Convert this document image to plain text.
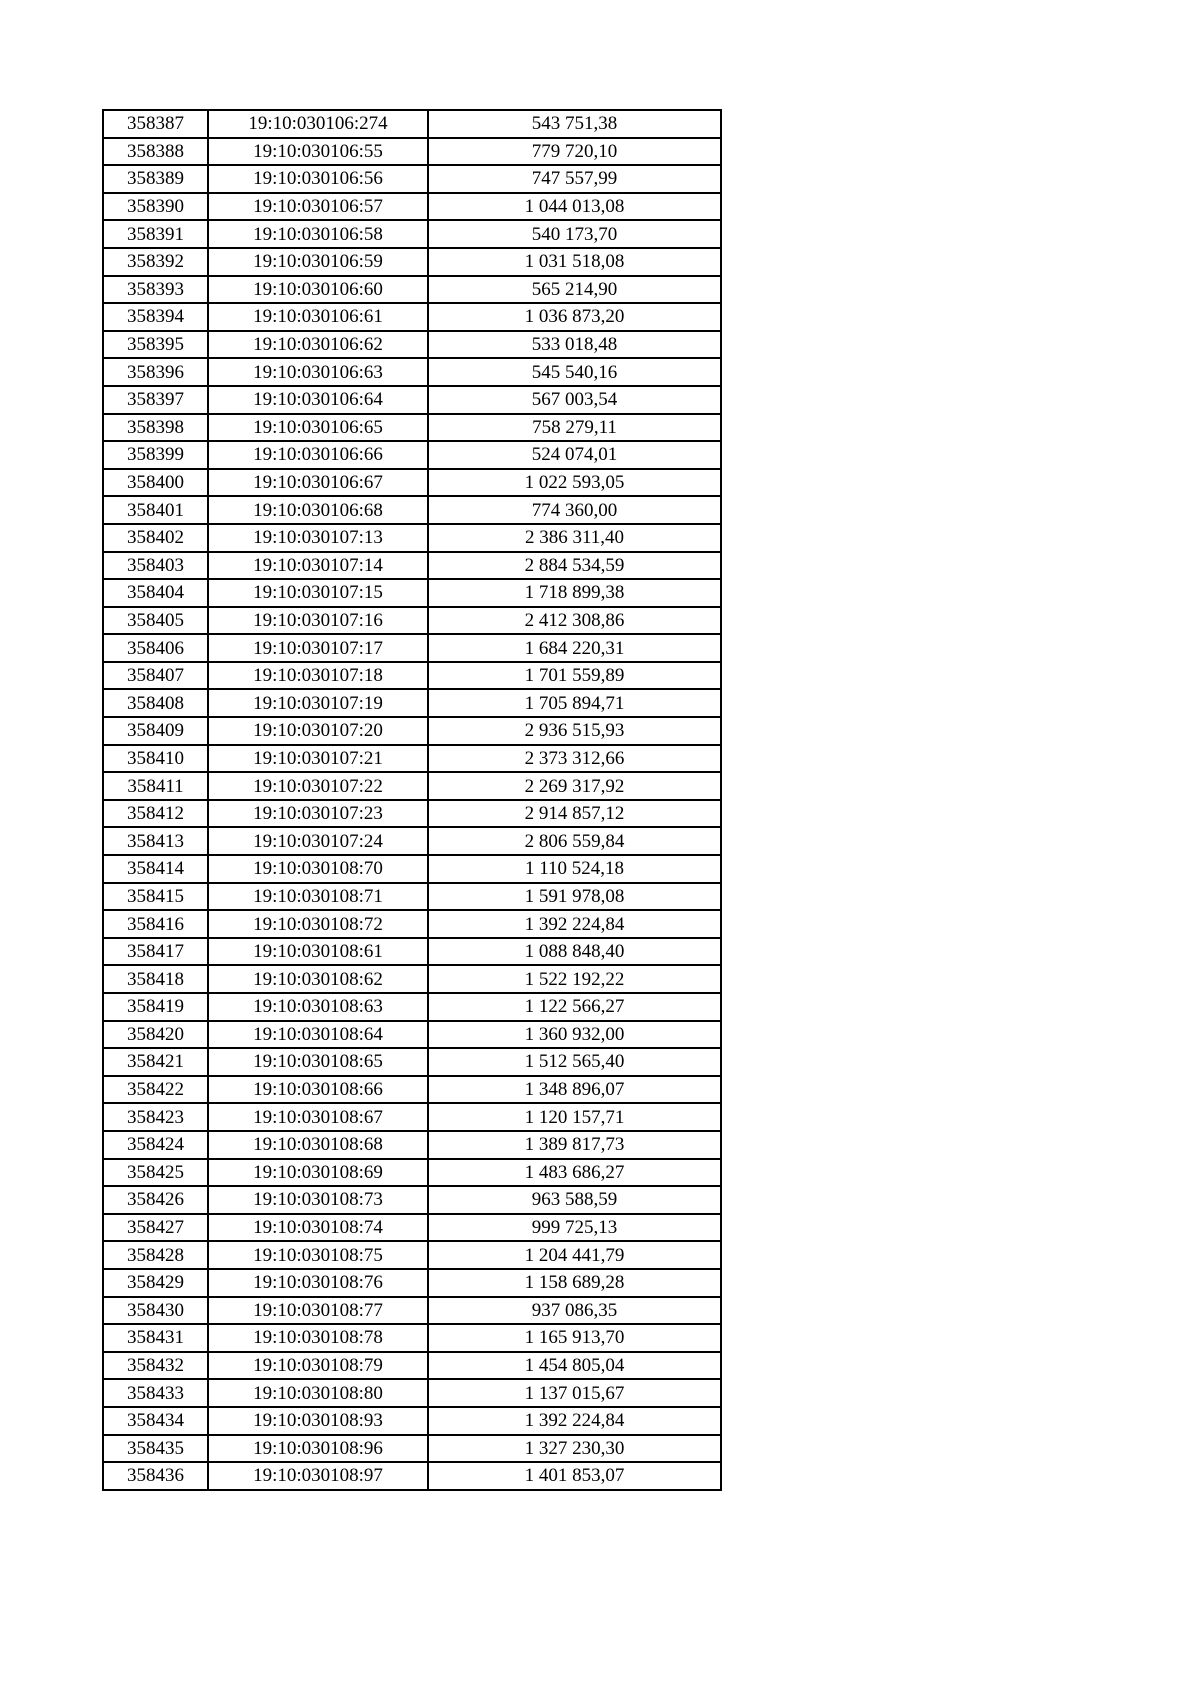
358387	19:10:030106:274	543 751,38
358388	19:10:030106:55	779 720,10
358389	19:10:030106:56	747 557,99
358390	19:10:030106:57	1 044 013,08
358391	19:10:030106:58	540 173,70
358392	19:10:030106:59	1 031 518,08
358393	19:10:030106:60	565 214,90
358394	19:10:030106:61	1 036 873,20
358395	19:10:030106:62	533 018,48
358396	19:10:030106:63	545 540,16
358397	19:10:030106:64	567 003,54
358398	19:10:030106:65	758 279,11
358399	19:10:030106:66	524 074,01
358400	19:10:030106:67	1 022 593,05
358401	19:10:030106:68	774 360,00
358402	19:10:030107:13	2 386 311,40
358403	19:10:030107:14	2 884 534,59
358404	19:10:030107:15	1 718 899,38
358405	19:10:030107:16	2 412 308,86
358406	19:10:030107:17	1 684 220,31
358407	19:10:030107:18	1 701 559,89
358408	19:10:030107:19	1 705 894,71
358409	19:10:030107:20	2 936 515,93
358410	19:10:030107:21	2 373 312,66
358411	19:10:030107:22	2 269 317,92
358412	19:10:030107:23	2 914 857,12
358413	19:10:030107:24	2 806 559,84
358414	19:10:030108:70	1 110 524,18
358415	19:10:030108:71	1 591 978,08
358416	19:10:030108:72	1 392 224,84
358417	19:10:030108:61	1 088 848,40
358418	19:10:030108:62	1 522 192,22
358419	19:10:030108:63	1 122 566,27
358420	19:10:030108:64	1 360 932,00
358421	19:10:030108:65	1 512 565,40
358422	19:10:030108:66	1 348 896,07
358423	19:10:030108:67	1 120 157,71
358424	19:10:030108:68	1 389 817,73
358425	19:10:030108:69	1 483 686,27
358426	19:10:030108:73	963 588,59
358427	19:10:030108:74	999 725,13
358428	19:10:030108:75	1 204 441,79
358429	19:10:030108:76	1 158 689,28
358430	19:10:030108:77	937 086,35
358431	19:10:030108:78	1 165 913,70
358432	19:10:030108:79	1 454 805,04
358433	19:10:030108:80	1 137 015,67
358434	19:10:030108:93	1 392 224,84
358435	19:10:030108:96	1 327 230,30
358436	19:10:030108:97	1 401 853,07
